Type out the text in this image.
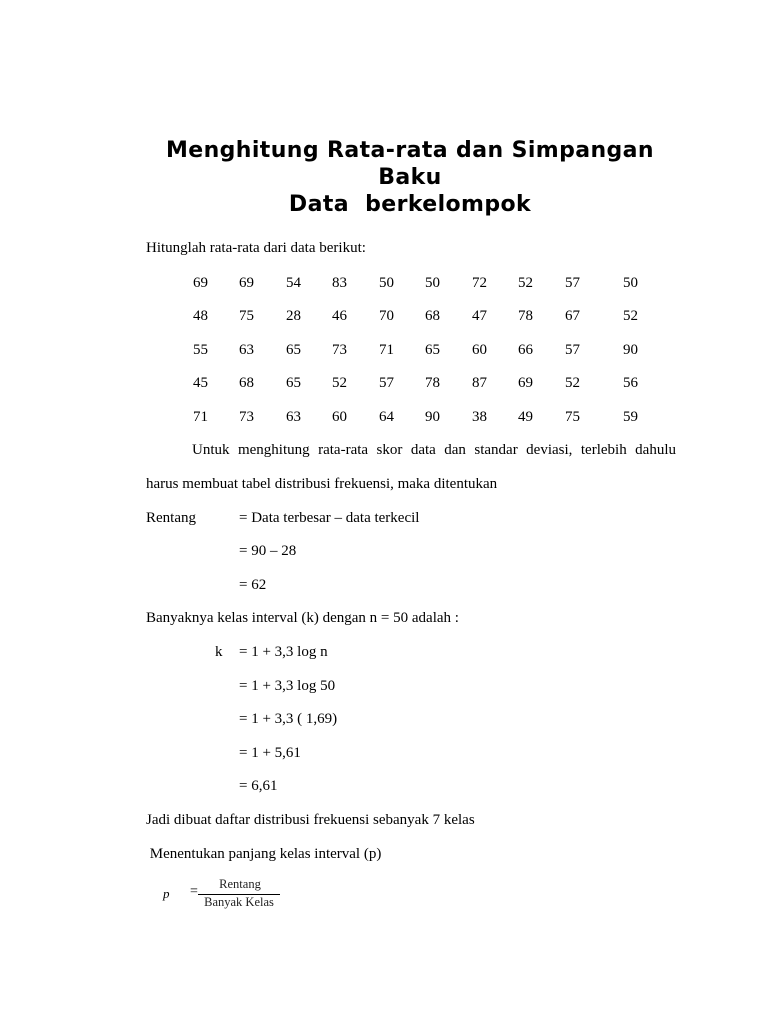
Menghitung Rata-rata dan Simpangan
Baku
Data  berkelompok
Hitunglah rata-rata dari data berikut:
69 69 54 83 50 50 72 52 57	50
48 75 28 46 70 68 47 78 67	52
55 63 65 73 71 65 60 66 57	90
45 68 65 52 57 78 87 69 52	56
71 73 63 60 64 90 38 49 75	59
Untuk menghitung rata-rata skor data dan standar deviasi, terlebih dahulu
harus membuat tabel distribusi frekuensi, maka ditentukan
Rentang	= Data terbesar – data terkecil
= 90 – 28
= 62
Banyaknya kelas interval (k) dengan n = 50 adalah :
k = 1 + 3,3 log n
= 1 + 3,3 log 50
= 1 + 3,3 ( 1,69)
= 1 + 5,61
= 6,61
Jadi dibuat daftar distribusi frekuensi sebanyak 7 kelas
Menentukan panjang kelas interval (p)
p =	Rentang
Banyak Kelas
